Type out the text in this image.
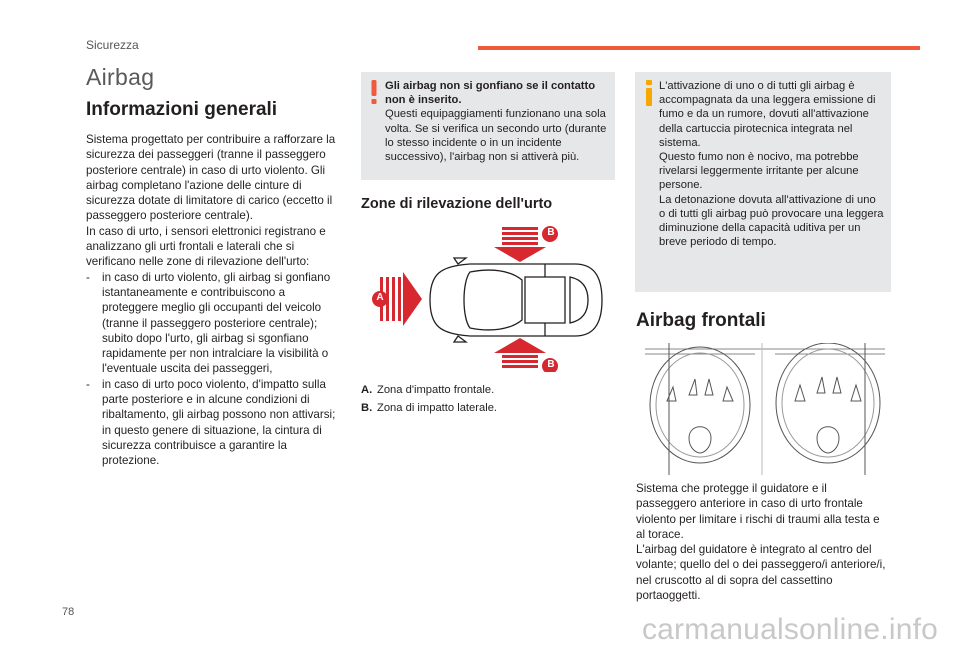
Sicurezza
Airbag
Informazioni generali

Sistema progettato per contribuire a rafforzare la sicurezza dei passeggeri (tranne il passeggero posteriore centrale) in caso di urto violento. Gli airbag completano l'azione delle cinture di sicurezza dotate di limitatore di carico (eccetto il passeggero posteriore centrale).

In caso di urto, i sensori elettronici registrano e analizzano gli urti frontali e laterali che si verificano nelle zone di rilevazione dell'urto:

-	in caso di urto violento, gli airbag si gonfiano istantaneamente e contribuiscono a proteggere meglio gli occupanti del veicolo (tranne il passeggero posteriore centrale); subito dopo l'urto, gli airbag si sgonfiano rapidamente per non intralciare la visibilità o l'eventuale uscita dei passeggeri,
-	in caso di urto poco violento, d'impatto sulla parte posteriore e in alcune condizioni di ribaltamento, gli airbag possono non attivarsi; in questo genere di situazione, la cintura di sicurezza contribuisce a garantire la protezione.

Gli airbag non si gonfiano se il contatto non è inserito.

Questi equipaggiamenti funzionano una sola volta. Se si verifica un secondo urto (durante lo stesso incidente o in un incidente successivo), l'airbag non si attiverà più.

Zone di rilevazione dell'urto
B
A
B
A. Zona d'impatto frontale.
B. Zona di impatto laterale.

L'attivazione di uno o di tutti gli airbag è accompagnata da una leggera emissione di fumo e da un rumore, dovuti all'attivazione della cartuccia pirotecnica integrata nel sistema.

Questo fumo non è nocivo, ma potrebbe rivelarsi leggermente irritante per alcune persone.

La detonazione dovuta all'attivazione di uno o di tutti gli airbag può provocare una leggera diminuzione della capacità uditiva per un breve periodo di tempo.

Airbag frontali

Sistema che protegge il guidatore e il passeggero anteriore in caso di urto frontale violento per limitare i rischi di traumi alla testa e al torace.

L'airbag del guidatore è integrato al centro del volante; quello del o dei passeggero/i anteriore/i, nel cruscotto al di sopra del cassettino portaoggetti.

78
carmanualsonline.info
